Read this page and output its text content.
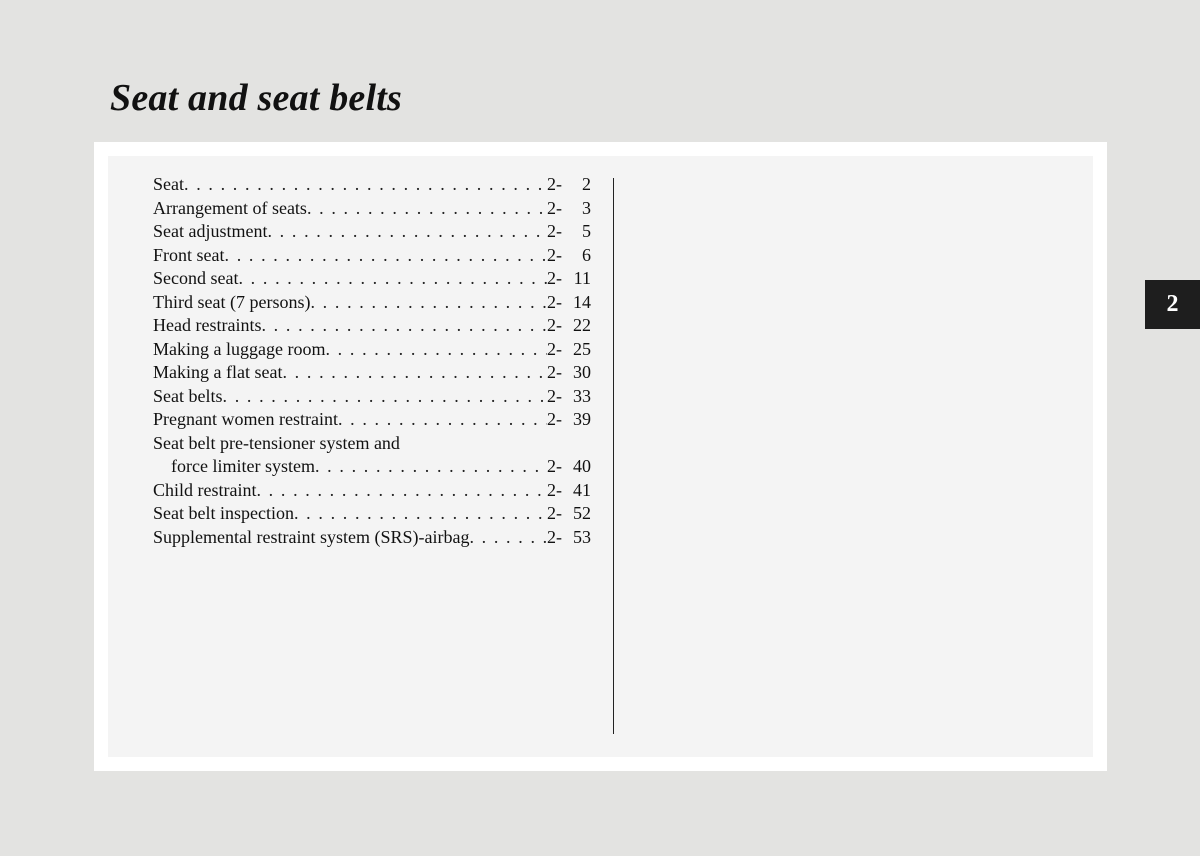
Seat and seat belts
Seat . . .	2-	2
Arrangement of seats . . .	2-	3
Seat adjustment . . .	2-	5
Front seat . . .	2-	6
Second seat . . .	2- 11
Third seat (7 persons) . . .	2- 14
Head restraints . . .	2- 22
Making a luggage room . . .	2- 25
Making a flat seat . . .	2- 30
Seat belts . . .	2- 33
Pregnant women restraint . . .	2- 39
Seat belt pre-tensioner system and
force limiter system . . .	2- 40
Child restraint . . .	2- 41
Seat belt inspection . . .	2- 52
Supplemental restraint system (SRS)-airbag . . .	2- 53
2
